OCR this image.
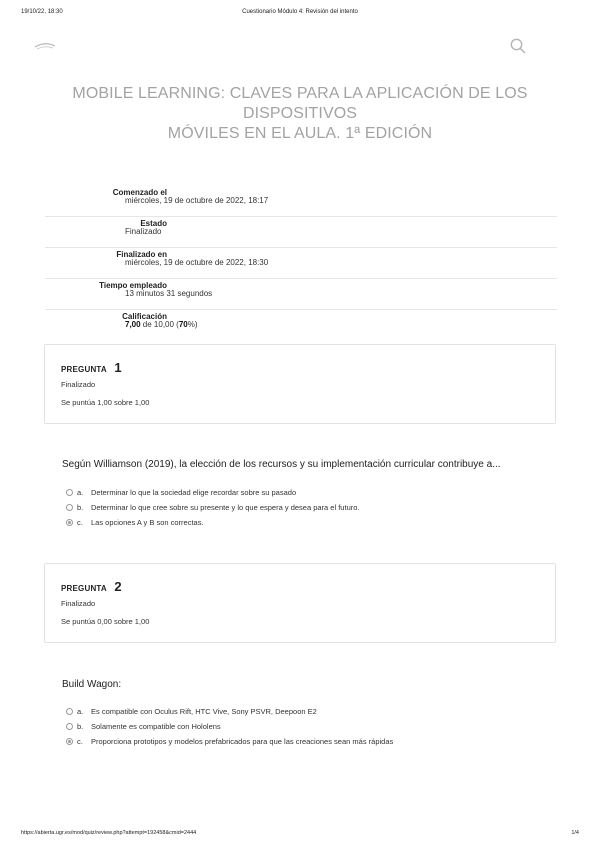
19/10/22, 18:30	Cuestionario Módulo 4: Revisión del intento
MOBILE LEARNING: CLAVES PARA LA APLICACIÓN DE LOS DISPOSITIVOS
MÓVILES EN EL AULA. 1ª EDICIÓN
Comenzado el
miércoles, 19 de octubre de 2022, 18:17
Estado
Finalizado
Finalizado en
miércoles, 19 de octubre de 2022, 18:30
Tiempo empleado
13 minutos 31 segundos
Calificación
7,00 de 10,00 (70%)
PREGUNTA 1
Finalizado
Se puntúa 1,00 sobre 1,00
Según Williamson (2019), la elección de los recursos y su implementación curricular contribuye a...
a. Determinar lo que la sociedad elige recordar sobre su pasado
b. Determinar lo que cree sobre su presente y lo que espera y desea para el futuro.
c. Las opciones A y B son correctas.
PREGUNTA 2
Finalizado
Se puntúa 0,00 sobre 1,00
Build Wagon:
a. Es compatible con Oculus Rift, HTC Vive, Sony PSVR, Deepoon E2
b. Solamente es compatible con Hololens
c. Proporciona prototipos y modelos prefabricados para que las creaciones sean más rápidas
https://abierta.ugr.es/mod/quiz/review.php?attempt=192458&cmid=2444	1/4
